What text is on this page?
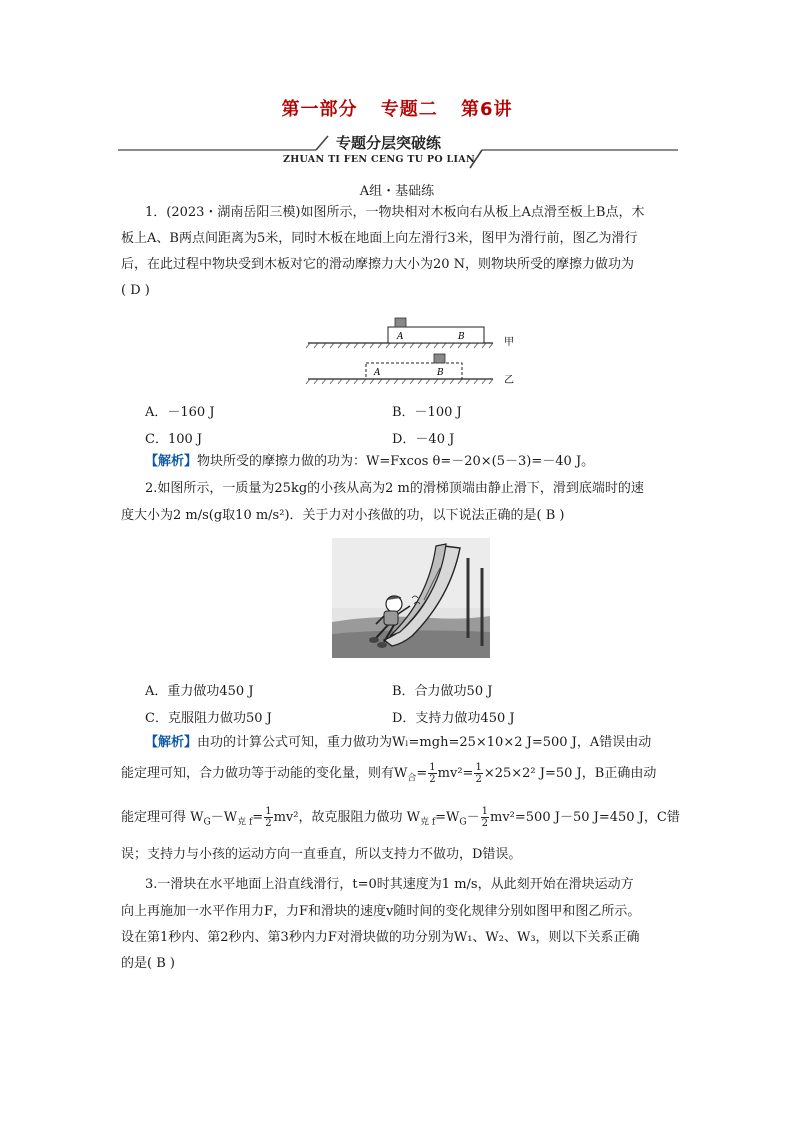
第一部分 专题二 第6讲
专题分层突破练
ZHUAN TI FEN CENG TU PO LIAN
A组・基础练
1．(2023・湖南岳阳三模)如图所示，一物块相对木板向右从板上A点滑至板上B点，木
板上A、B两点间距离为5米，同时木板在地面上向左滑行3米，图甲为滑行前，图乙为滑行
后，在此过程中物块受到木板对它的滑动摩擦力大小为20 N，则物块所受的摩擦力做功为
( D )
A	B	甲
A	B
乙
A．－160 J	B．－100 J
C．100 J	D．－40 J
【解析】物块所受的摩擦力做的功为：W=Fxcos θ=－20×(5－3)=－40 J。
2.如图所示，一质量为25kg的小孩从高为2 m的滑梯顶端由静止滑下，滑到底端时的速
度大小为2 m/s(g取10 m/s²)．关于力对小孩做的功，以下说法正确的是( B )
A．重力做功450 J	B．合力做功50 J
C．克服阻力做功50 J	D．支持力做功450 J
【解析】由功的计算公式可知，重力做功为Wₗ=mgh=25×10×2 J=500 J，A错误由动
能定理可知，合力做功等于动能的变化量，则有$W_合= \frac{1}{2} mv^2= \frac{1}{2} \times 25\times 2^2$ J=50 J，B正确由动
能定理可得 $W_G-W_{克 f}= \frac{1}{2} mv^2$，故克服阻力做功 $W_{克 f}=W_G- \frac{1}{2} mv^2=500$ J－50 J=450 J，C错
误；支持力与小孩的运动方向一直垂直，所以支持力不做功，D错误。
3.一滑块在水平地面上沿直线滑行，t=0时其速度为1 m/s，从此刻开始在滑块运动方
向上再施加一水平作用力F，力F和滑块的速度v随时间的变化规律分别如图甲和图乙所示。
设在第1秒内、第2秒内、第3秒内力F对滑块做的功分别为W₁、W₂、W₃，则以下关系正确
的是( B )
